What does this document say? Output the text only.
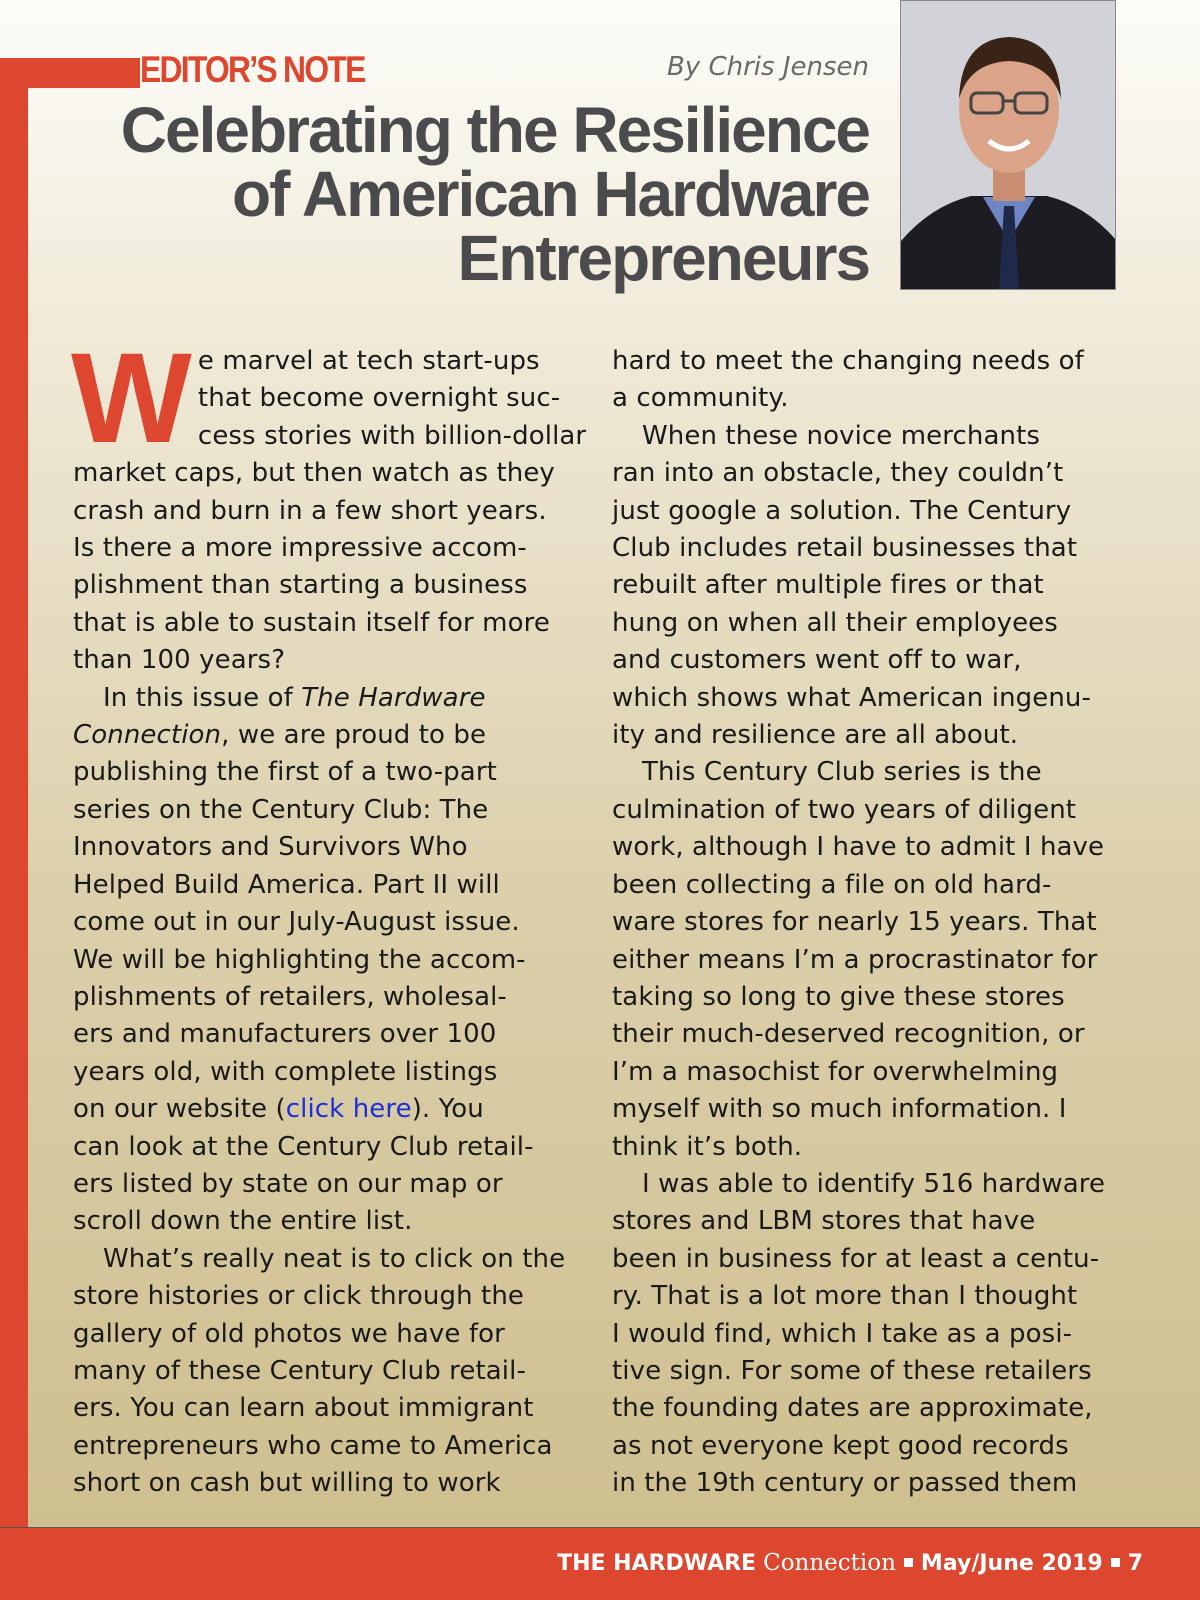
EDITOR’S NOTE	By Chris Jensen
Celebrating the Resilience
of American Hardware
Entrepreneurs
W e marvel at tech start-ups
that become overnight suc-
cess stories with billion-dollar
market caps, but then watch as they
crash and burn in a few short years.
Is there a more impressive accom-
plishment than starting a business
that is able to sustain itself for more
than 100 years?
In this issue of The Hardware
Connection, we are proud to be
publishing the first of a two-part
series on the Century Club: The
Innovators and Survivors Who
Helped Build America. Part II will
come out in our July-August issue.
We will be highlighting the accom-
plishments of retailers, wholesal-
ers and manufacturers over 100
years old, with complete listings
on our website (click here). You
can look at the Century Club retail-
ers listed by state on our map or
scroll down the entire list.
What’s really neat is to click on the
store histories or click through the
gallery of old photos we have for
many of these Century Club retail-
ers. You can learn about immigrant
entrepreneurs who came to America
short on cash but willing to work
hard to meet the changing needs of
a community.
When these novice merchants
ran into an obstacle, they couldn’t
just google a solution. The Century
Club includes retail businesses that
rebuilt after multiple fires or that
hung on when all their employees
and customers went off to war,
which shows what American ingenu-
ity and resilience are all about.
This Century Club series is the
culmination of two years of diligent
work, although I have to admit I have
been collecting a file on old hard-
ware stores for nearly 15 years. That
either means I’m a procrastinator for
taking so long to give these stores
their much-deserved recognition, or
I’m a masochist for overwhelming
myself with so much information. I
think it’s both.
I was able to identify 516 hardware
stores and LBM stores that have
been in business for at least a centu-
ry. That is a lot more than I thought
I would find, which I take as a posi-
tive sign. For some of these retailers
the founding dates are approximate,
as not everyone kept good records
in the 19th century or passed them
THE HARDWARE Connection May/June 2019 7
